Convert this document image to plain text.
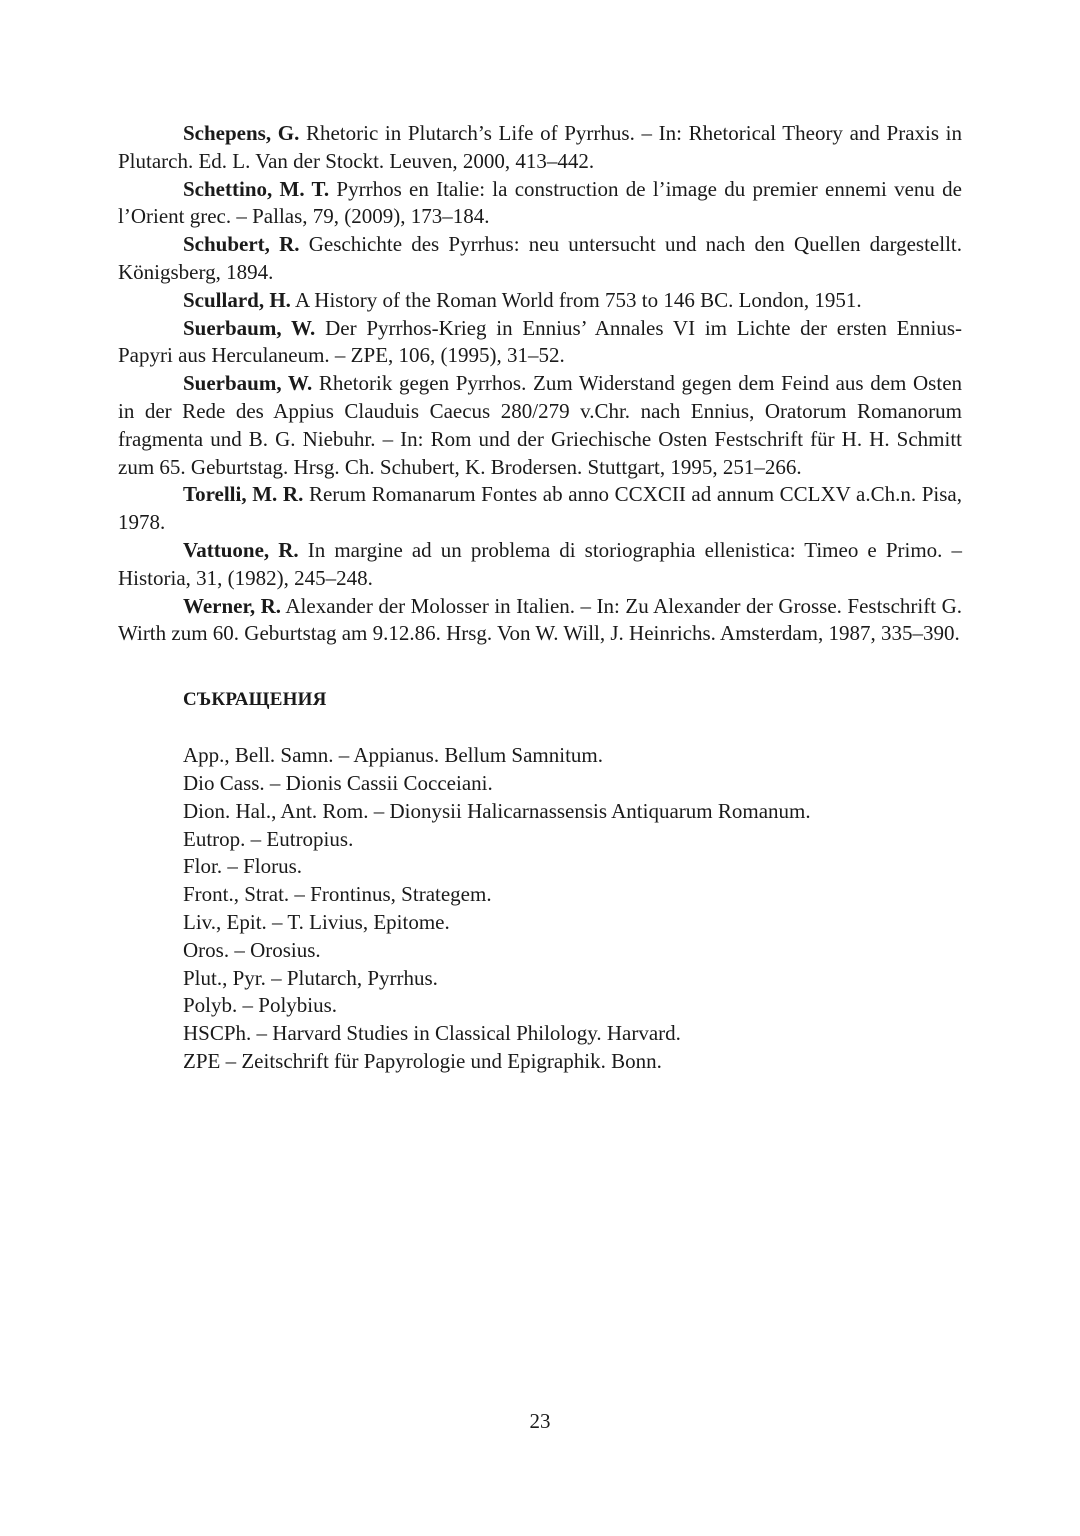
Schepens, G. Rhetoric in Plutarch’s Life of Pyrrhus. – In: Rhetorical Theory and Praxis in Plutarch. Ed. L. Van der Stockt. Leuven, 2000, 413–442.

Schettino, M. T. Pyrrhos en Italie: la construction de l’image du premier ennemi venu de l’Orient grec. – Pallas, 79, (2009), 173–184.

Schubert, R. Geschichte des Pyrrhus: neu untersucht und nach den Quellen dargestellt. Königsberg, 1894.

Scullard, H. A History of the Roman World from 753 to 146 BC. London, 1951.

Suerbaum, W. Der Pyrrhos-Krieg in Ennius’ Annales VI im Lichte der ersten Ennius-Papyri aus Herculaneum. – ZPE, 106, (1995), 31–52.

Suerbaum, W. Rhetorik gegen Pyrrhos. Zum Widerstand gegen dem Feind aus dem Osten in der Rede des Appius Clauduis Caecus 280/279 v.Chr. nach Ennius, Oratorum Romanorum fragmenta und B. G. Niebuhr. – In: Rom und der Griechische Osten Festschrift für H. H. Schmitt zum 65. Geburtstag. Hrsg. Ch. Schubert, K. Brodersen. Stuttgart, 1995, 251–266.

Torelli, M. R. Rerum Romanarum Fontes ab anno CCXCII ad annum CCLXV a.Ch.n. Pisa, 1978.

Vattuone, R. In margine ad un problema di storiographia ellenistica: Timeo e Primo. – Historia, 31, (1982), 245–248.

Werner, R. Alexander der Molosser in Italien. – In: Zu Alexander der Grosse. Festschrift G. Wirth zum 60. Geburtstag am 9.12.86. Hrsg. Von W. Will, J. Heinrichs. Amsterdam, 1987, 335–390.

СЪКРАЩЕНИЯ
App., Bell. Samn. – Appianus. Bellum Samnitum.
Dio Cass. – Dionis Cassii Cocceiani.
Dion. Hal., Ant. Rom. – Dionysii Halicarnassensis Antiquarum Romanum.
Eutrop. – Eutropius.
Flor. – Florus.
Front., Strat. – Frontinus, Strategem.
Liv., Epit. – T. Livius, Epitome.
Oros. – Orosius.
Plut., Pyr. – Plutarch, Pyrrhus.
Polyb. – Polybius.
HSCPh. – Harvard Studies in Classical Philology. Harvard.
ZPE – Zeitschrift für Papyrologie und Epigraphik. Bonn.
23
